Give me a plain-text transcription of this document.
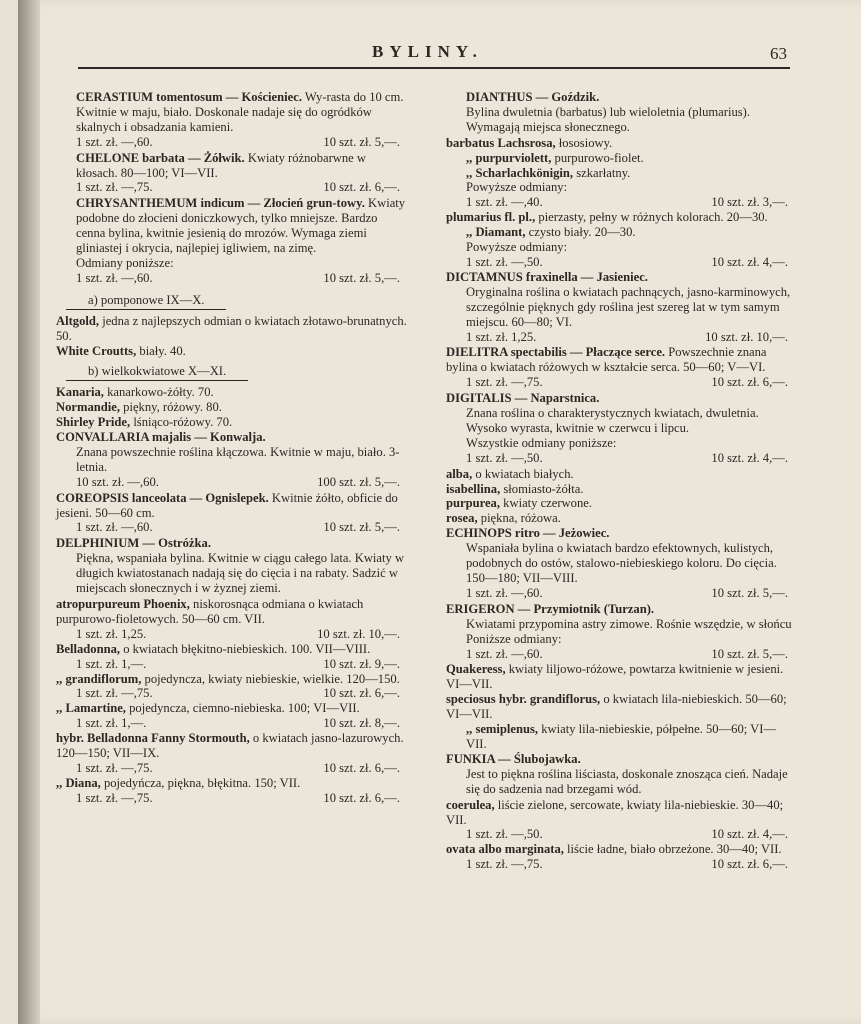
BYLINY.	63
CERASTIUM tomentosum — Kościeniec. Wy-rasta do 10 cm. Kwitnie w maju, biało. Doskonale nadaje się do ogródków skalnych i obsadzania kamieni.
1 szt. zł. —,60.	10 szt. zł. 5,—.
CHELONE barbata — Żółwik. Kwiaty różnobarwne w kłosach. 80—100; VI—VII.
1 szt. zł. —,75.	10 szt. zł. 6,—.
CHRYSANTHEMUM indicum — Złocień grun-towy. Kwiaty podobne do złocieni doniczkowych, tylko mniejsze. Bardzo cenna bylina, kwitnie jesienią do mrozów. Wymaga ziemi gliniastej i okrycia, najlepiej igliwiem, na zimę.
Odmiany poniższe:
1 szt. zł. —,60.	10 szt. zł. 5,—.
a) pomponowe IX—X.
Altgold, jedna z najlepszych odmian o kwiatach złotawo-brunatnych. 50.
White Croutts, biały. 40.
b) wielkokwiatowe X—XI.
Kanaria, kanarkowo-żółty. 70.
Normandie, piękny, różowy. 80.
Shirley Pride, lśniąco-różowy. 70.
CONVALLARIA majalis — Konwalja.
Znana powszechnie roślina kłączowa. Kwitnie w maju, biało. 3-letnia.
10 szt. zł. —,60.	100 szt. zł. 5,—.
COREOPSIS lanceolata — Ognislepek. Kwitnie żółto, obficie do jesieni. 50—60 cm.
1 szt. zł. —,60.	10 szt. zł. 5,—.
DELPHINIUM — Ostróżka.
Piękna, wspaniała bylina. Kwitnie w ciągu całego lata. Kwiaty w długich kwiatostanach nadają się do cięcia i na rabaty. Sadzić w miejscach słonecznych i w żyznej ziemi.
atropurpureum Phoenix, niskorosnąca odmiana o kwiatach purpurowo-fioletowych. 50—60 cm. VII.
1 szt. zł. 1,25.	10 szt. zł. 10,—.
Belladonna, o kwiatach błękitno-niebieskich. 100. VII—VIII.
1 szt. zł. 1,—.	10 szt. zł. 9,—.
,, grandiflorum, pojedyncza, kwiaty niebieskie, wielkie. 120—150.
1 szt. zł. —,75.	10 szt. zł. 6,—.
,, Lamartine, pojedyncza, ciemno-niebieska. 100; VI—VII.
1 szt. zł. 1,—.	10 szt. zł. 8,—.
hybr. Belladonna Fanny Stormouth, o kwiatach jasno-lazurowych. 120—150; VII—IX.
1 szt. zł. —,75.	10 szt. zł. 6,—.
,, Diana, pojedyńcza, piękna, błękitna. 150; VII.
1 szt. zł. —,75.	10 szt. zł. 6,—.
DIANTHUS — Goździk.
Bylina dwuletnia (barbatus) lub wieloletnia (plumarius). Wymagają miejsca słonecznego.
barbatus Lachsrosa, łososiowy.
,, purpurviolett, purpurowo-fiolet.
,, Scharlachkönigin, szkarłatny.
Powyższe odmiany:
1 szt. zł. —,40.	10 szt. zł. 3,—.
plumarius fl. pl., pierzasty, pełny w różnych kolorach. 20—30.
,, Diamant, czysto biały. 20—30.
Powyższe odmiany:
1 szt. zł. —,50.	10 szt. zł. 4,—.
DICTAMNUS fraxinella — Jasieniec.
Oryginalna roślina o kwiatach pachnących, jasno-karminowych, szczególnie pięknych gdy roślina jest szereg lat w tym samym miejscu. 60—80; VI.
1 szt. zł. 1,25.	10 szt. zł. 10,—.
DIELITRA spectabilis — Płaczące serce. Powszechnie znana bylina o kwiatach różowych w kształcie serca. 50—60; V—VI.
1 szt. zł. —,75.	10 szt. zł. 6,—.
DIGITALIS — Naparstnica.
Znana roślina o charakterystycznych kwiatach, dwuletnia. Wysoko wyrasta, kwitnie w czerwcu i lipcu.
Wszystkie odmiany poniższe:
1 szt. zł. —,50.	10 szt. zł. 4,—.
alba, o kwiatach białych.
isabellina, słomiasto-żółta.
purpurea, kwiaty czerwone.
rosea, piękna, różowa.
ECHINOPS ritro — Jeżowiec.
Wspaniała bylina o kwiatach bardzo efektownych, kulistych, podobnych do ostów, stalowo-niebieskiego koloru. Do cięcia. 150—180; VII—VIII.
1 szt. zł. —,60.	10 szt. zł. 5,—.
ERIGERON — Przymiotnik (Turzan).
Kwiatami przypomina astry zimowe. Rośnie wszędzie, w słońcu
Poniższe odmiany:
1 szt. zł. —,60.	10 szt. zł. 5,—.
Quakeress, kwiaty liljowo-różowe, powtarza kwitnienie w jesieni. VI—VII.
speciosus hybr. grandiflorus, o kwiatach lila-niebieskich. 50—60; VI—VII.
,, semiplenus, kwiaty lila-niebieskie, półpełne. 50—60; VI—VII.
FUNKIA — Ślubojawka.
Jest to piękna roślina liściasta, doskonale znosząca cień. Nadaje się do sadzenia nad brzegami wód.
coerulea, liście zielone, sercowate, kwiaty lila-niebieskie. 30—40; VII.
1 szt. zł. —,50.	10 szt. zł. 4,—.
ovata albo marginata, liście ładne, biało obrzeżone. 30—40; VII.
1 szt. zł. —,75.	10 szt. zł. 6,—.
